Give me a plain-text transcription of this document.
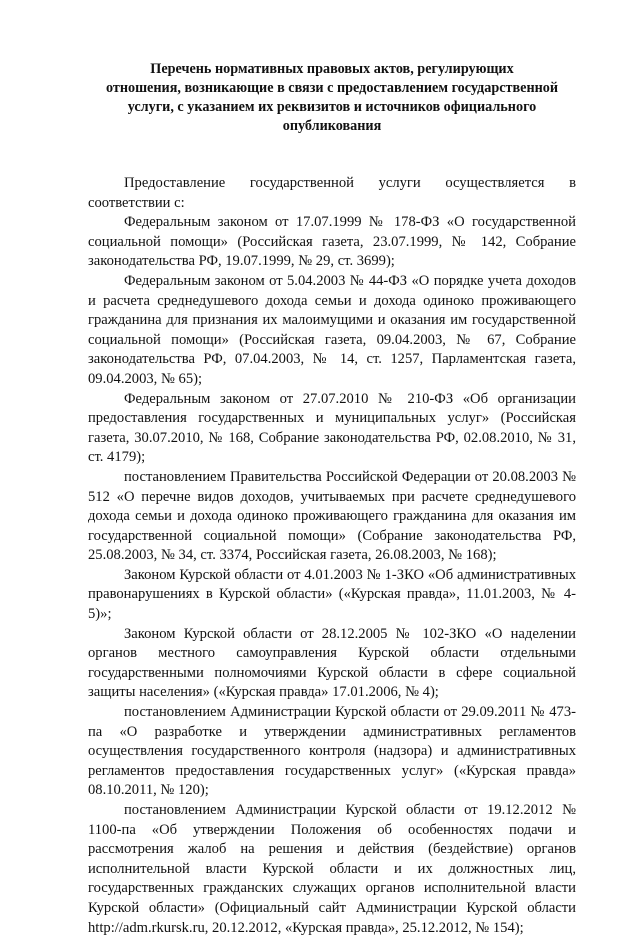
Перечень нормативных правовых актов, регулирующих
отношения, возникающие в связи с предоставлением государственной
услуги, с указанием их реквизитов и источников официального
опубликования

Предоставление государственной услуги осуществляется в соответствии с:

Федеральным законом от 17.07.1999 № 178-ФЗ «О государственной социальной помощи» (Российская газета, 23.07.1999, № 142, Собрание законодательства РФ, 19.07.1999, № 29, ст. 3699);

Федеральным законом от 5.04.2003 № 44-ФЗ «О порядке учета доходов и расчета среднедушевого дохода семьи и дохода одиноко проживающего гражданина для признания их малоимущими и оказания им государственной социальной помощи» (Российская газета, 09.04.2003, № 67, Собрание законодательства РФ, 07.04.2003, № 14, ст. 1257, Парламентская газета, 09.04.2003, № 65);

Федеральным законом от 27.07.2010 № 210-ФЗ «Об организации предоставления государственных и муниципальных услуг» (Российская газета, 30.07.2010, № 168, Собрание законодательства РФ, 02.08.2010, № 31, ст. 4179);

постановлением Правительства Российской Федерации от 20.08.2003 № 512 «О перечне видов доходов, учитываемых при расчете среднедушевого дохода семьи и дохода одиноко проживающего гражданина для оказания им государственной социальной помощи» (Собрание законодательства РФ, 25.08.2003, № 34, ст. 3374, Российская газета, 26.08.2003, № 168);

Законом Курской области от 4.01.2003 № 1-ЗКО «Об административных правонарушениях в Курской области» («Курская правда», 11.01.2003, № 4-5)»;

Законом Курской области от 28.12.2005 № 102-ЗКО «О наделении органов местного самоуправления Курской области отдельными государственными полномочиями Курской области в сфере социальной защиты населения» («Курская правда» 17.01.2006, № 4);

постановлением Администрации Курской области от 29.09.2011 № 473-па «О разработке и утверждении административных регламентов осуществления государственного контроля (надзора) и административных регламентов предоставления государственных услуг» («Курская правда» 08.10.2011, № 120);

постановлением Администрации Курской области от 19.12.2012 № 1100-па «Об утверждении Положения об особенностях подачи и рассмотрения жалоб на решения и действия (бездействие) органов исполнительной власти Курской области и их должностных лиц, государственных гражданских служащих органов исполнительной власти Курской области» (Официальный сайт Администрации Курской области http://adm.rkursk.ru, 20.12.2012, «Курская правда», 25.12.2012, № 154);
